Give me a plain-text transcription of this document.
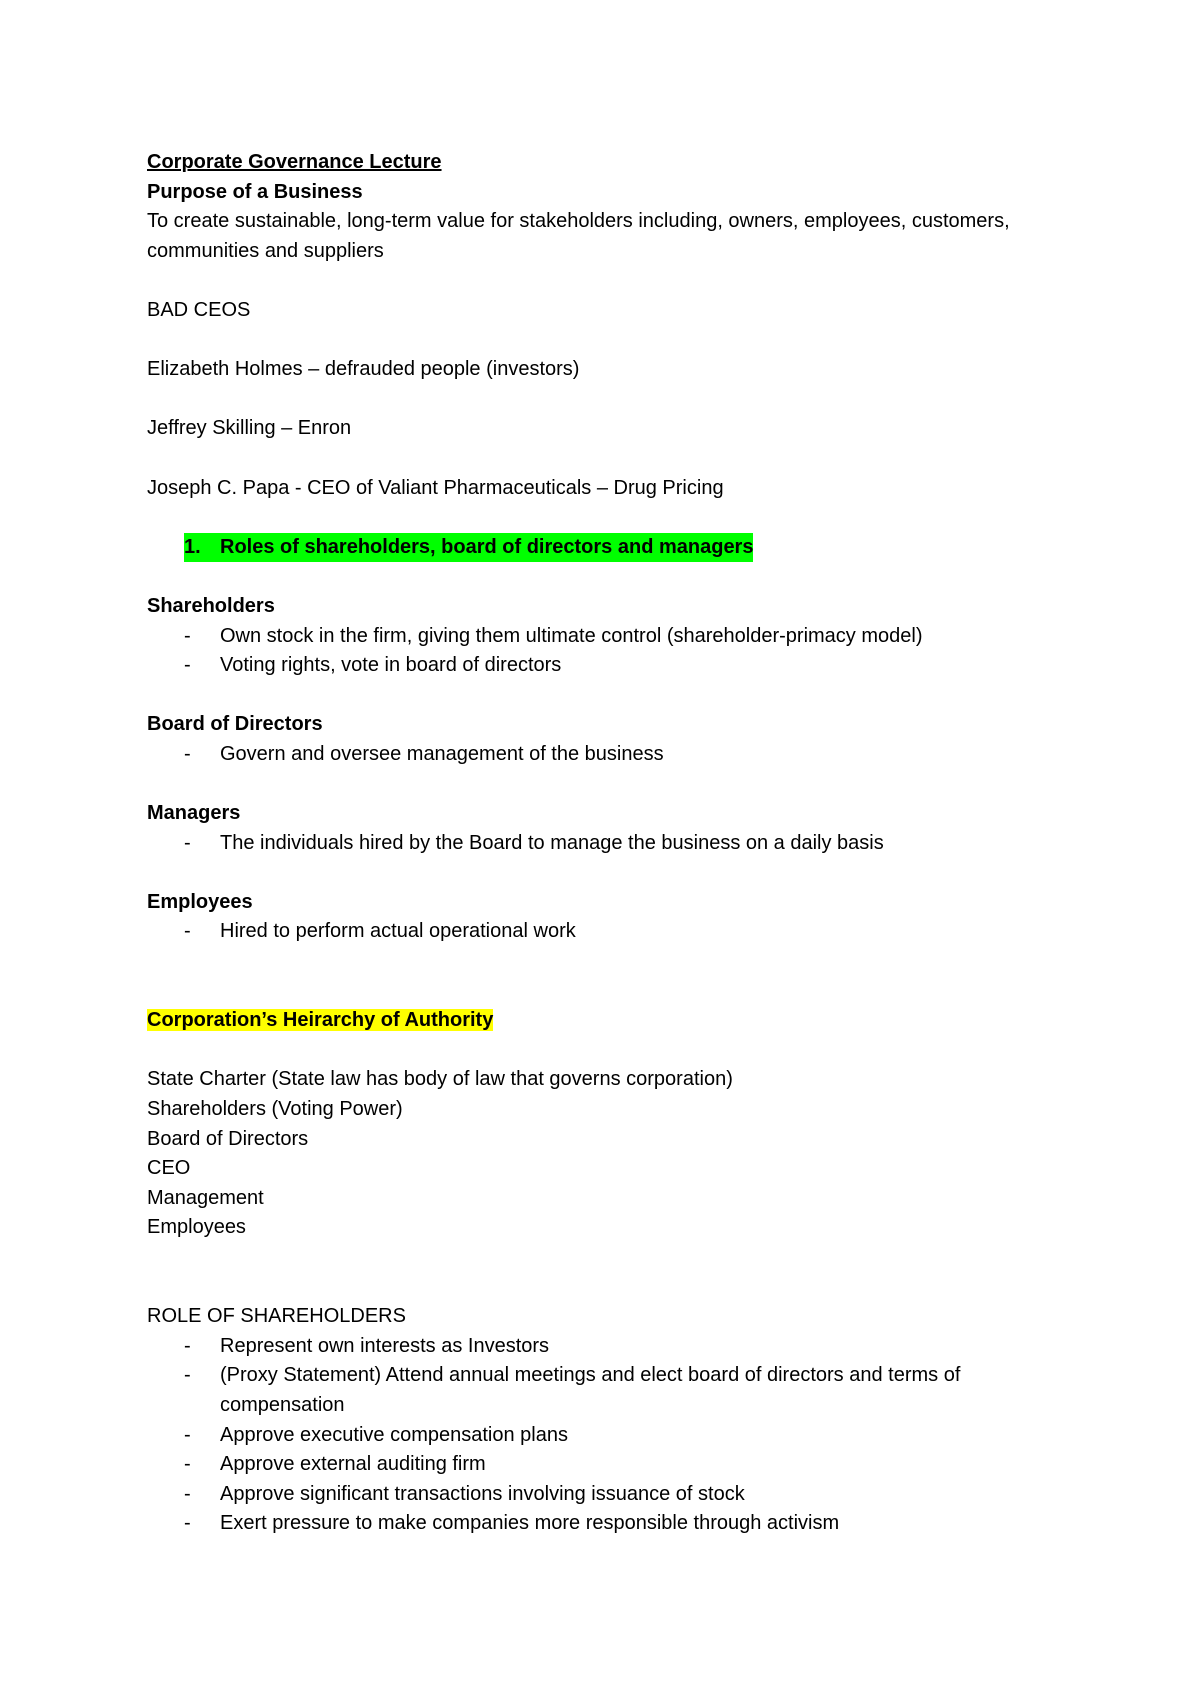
Corporate Governance Lecture
Purpose of a Business
To create sustainable, long-term value for stakeholders including, owners, employees, customers, communities and suppliers
BAD CEOS
Elizabeth Holmes – defrauded people (investors)
Jeffrey Skilling – Enron
Joseph C. Papa - CEO of Valiant Pharmaceuticals – Drug Pricing
1. Roles of shareholders, board of directors and managers
Shareholders
-	Own stock in the firm, giving them ultimate control (shareholder-primacy model)
-	Voting rights, vote in board of directors
Board of Directors
-	Govern and oversee management of the business
Managers
-	The individuals hired by the Board to manage the business on a daily basis
Employees
-	Hired to perform actual operational work
Corporation’s Heirarchy of Authority
State Charter (State law has body of law that governs corporation)
Shareholders (Voting Power)
Board of Directors
CEO
Management
Employees
ROLE OF SHAREHOLDERS
-	Represent own interests as Investors
-	(Proxy Statement) Attend annual meetings and elect board of directors and terms of compensation
-	Approve executive compensation plans
-	Approve external auditing firm
-	Approve significant transactions involving issuance of stock
-	Exert pressure to make companies more responsible through activism
